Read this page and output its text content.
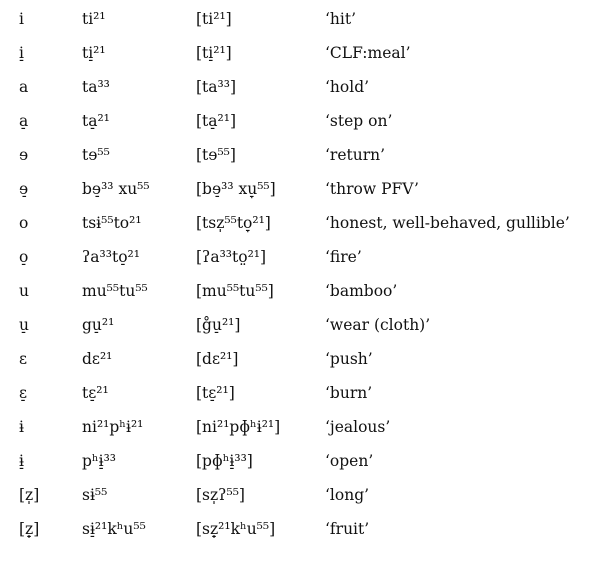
i	ti²¹	[ti²¹]	‘hit’
i̠	ti̠²¹	[ti̠²¹]	‘CLF:meal’
a	ta³³	[ta³³]	‘hold’
a̠	ta̠²¹	[ta̠²¹]	‘step on’
ɘ	tɘ⁵⁵	[tɘ⁵⁵]	‘return’
ɘ̠	bɘ̠³³ xu⁵⁵	[bɘ̠³³ xu̞⁵⁵]	‘throw PFV’
o	tsɨ⁵⁵to²¹	[tsz̩⁵⁵to̞²¹]	‘honest, well-behaved, gullible’
o̠	ʔa³³to̠²¹	[ʔa³³to̤²¹]	‘fire’
u	mu⁵⁵tu⁵⁵	[mu⁵⁵tu⁵⁵]	‘bamboo’
u̠	gu̠²¹	[g̊u̠²¹]	‘wear (cloth)’
ɛ	dɛ²¹	[dɛ²¹]	‘push’
ɛ̠	tɛ̠²¹	[tɛ̠²¹]	‘burn’
ɨ	ni²¹pʰɨ²¹	[ni²¹pɸʰɨ²¹]	‘jealous’
ɨ̠	pʰɨ̠³³	[pɸʰɨ̠³³]	‘open’
[z̩]	sɨ⁵⁵	[sz̩ʔ⁵⁵]	‘long’
[z̩̠]	sɨ̠²¹kʰu⁵⁵	[sz̩̠²¹kʰu⁵⁵]	‘fruit’
